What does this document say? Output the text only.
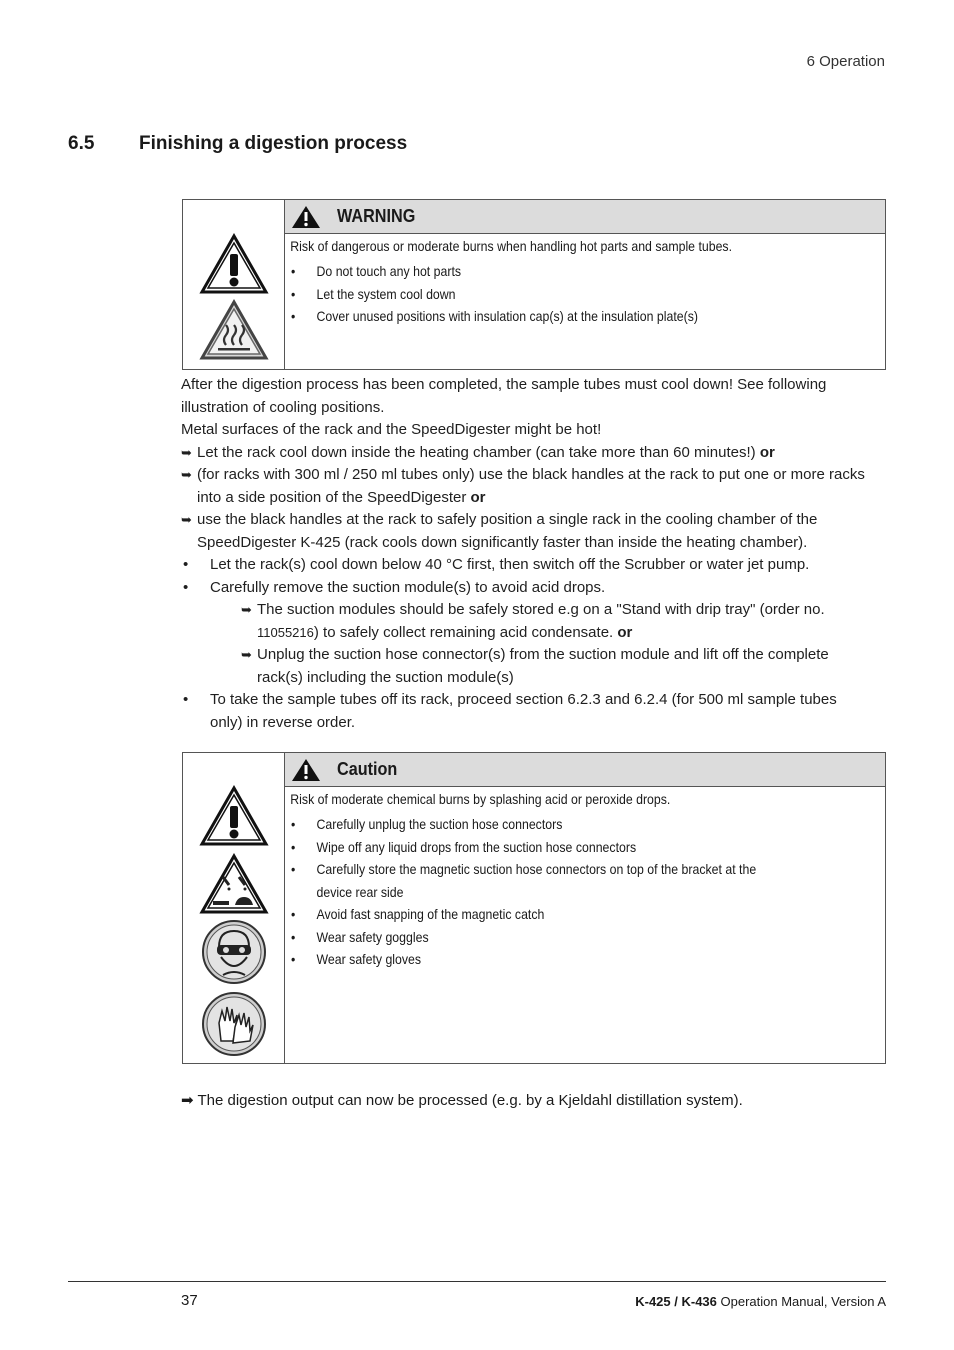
6 Operation
6.5 Finishing a digestion process
WARNING
Risk of dangerous or moderate burns when handling hot parts and sample tubes.
• Do not touch any hot parts
• Let the system cool down
• Cover unused positions with insulation cap(s) at the insulation plate(s)

After the digestion process has been completed, the sample tubes must cool down! See following illustration of cooling positions.

Metal surfaces of the rack and the SpeedDigester might be hot!

➥ Let the rack cool down inside the heating chamber (can take more than 60 minutes!) or
➥ (for racks with 300 ml / 250 ml tubes only) use the black handles at the rack to put one or more racks into a side position of the SpeedDigester or
➥ use the black handles at the rack to safely position a single rack in the cooling chamber of the SpeedDigester K-425 (rack cools down significantly faster than inside the heating chamber).
• Let the rack(s) cool down below 40 °C first, then switch off the Scrubber or water jet pump.
• Carefully remove the suction module(s) to avoid acid drops.
➥ The suction modules should be safely stored e.g on a "Stand with drip tray" (order no. 11055216) to safely collect remaining acid condensate. or
➥ Unplug the suction hose connector(s) from the suction module and lift off the complete rack(s) including the suction module(s)
• To take the sample tubes off its rack, proceed section 6.2.3 and 6.2.4 (for 500 ml sample tubes only) in reverse order.
Caution
Risk of moderate chemical burns by splashing acid or peroxide drops.
• Carefully unplug the suction hose connectors
• Wipe off any liquid drops from the suction hose connectors
• Carefully store the magnetic suction hose connectors on top of the bracket at the
device rear side
• Avoid fast snapping of the magnetic catch
• Wear safety goggles
• Wear safety gloves
➡ The digestion output can now be processed (e.g. by a Kjeldahl distillation system).
37	K-425 / K-436 Operation Manual, Version A
